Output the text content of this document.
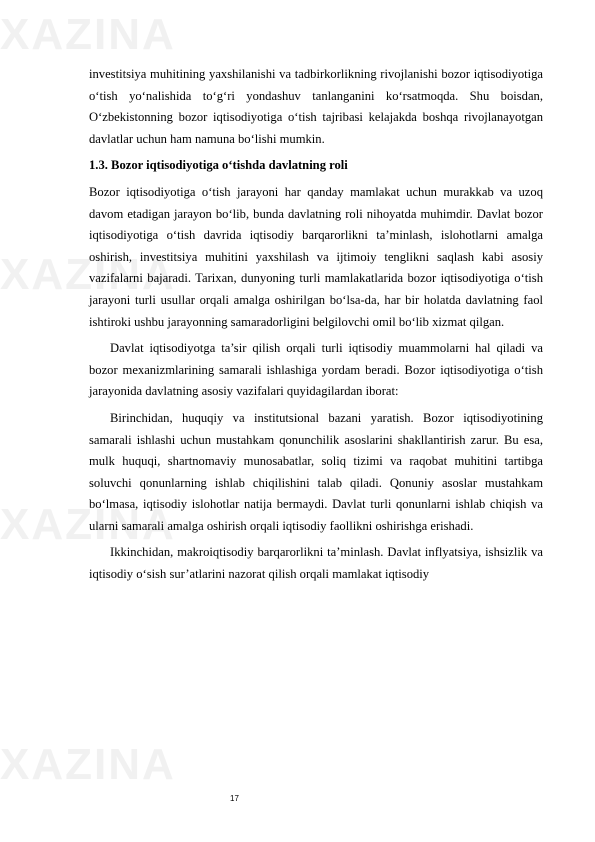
XAZINA
XAZINA
XAZINA
XAZINA

investitsiya muhitining yaxshilanishi va tadbirkorlikning rivojlanishi bozor iqtisodiyotiga o‘tish yo‘nalishida to‘g‘ri yondashuv tanlanganini ko‘rsatmoqda. Shu boisdan, O‘zbekistonning bozor iqtisodiyotiga o‘tish tajribasi kelajakda boshqa rivojlanayotgan davlatlar uchun ham namuna bo‘lishi mumkin.

1.3. Bozor iqtisodiyotiga o‘tishda davlatning roli

Bozor iqtisodiyotiga o‘tish jarayoni har qanday mamlakat uchun murakkab va uzoq davom etadigan jarayon bo‘lib, bunda davlatning roli nihoyatda muhimdir. Davlat bozor iqtisodiyotiga o‘tish davrida iqtisodiy barqarorlikni ta’minlash, islohotlarni amalga oshirish, investitsiya muhitini yaxshilash va ijtimoiy tenglikni saqlash kabi asosiy vazifalarni bajaradi. Tarixan, dunyoning turli mamlakatlarida bozor iqtisodiyotiga o‘tish jarayoni turli usullar orqali amalga oshirilgan bo‘lsa-da, har bir holatda davlatning faol ishtiroki ushbu jarayonning samaradorligini belgilovchi omil bo‘lib xizmat qilgan.

Davlat iqtisodiyotga ta’sir qilish orqali turli iqtisodiy muammolarni hal qiladi va bozor mexanizmlarining samarali ishlashiga yordam beradi. Bozor iqtisodiyotiga o‘tish jarayonida davlatning asosiy vazifalari quyidagilardan iborat:

Birinchidan, huquqiy va institutsional bazani yaratish. Bozor iqtisodiyotining samarali ishlashi uchun mustahkam qonunchilik asoslarini shakllantirish zarur. Bu esa, mulk huquqi, shartnomaviy munosabatlar, soliq tizimi va raqobat muhitini tartibga soluvchi qonunlarning ishlab chiqilishini talab qiladi. Qonuniy asoslar mustahkam bo‘lmasa, iqtisodiy islohotlar natija bermaydi. Davlat turli qonunlarni ishlab chiqish va ularni samarali amalga oshirish orqali iqtisodiy faollikni oshirishga erishadi.

Ikkinchidan, makroiqtisodiy barqarorlikni ta’minlash. Davlat inflyatsiya, ishsizlik va iqtisodiy o‘sish sur’atlarini nazorat qilish orqali mamlakat iqtisodiy

17
